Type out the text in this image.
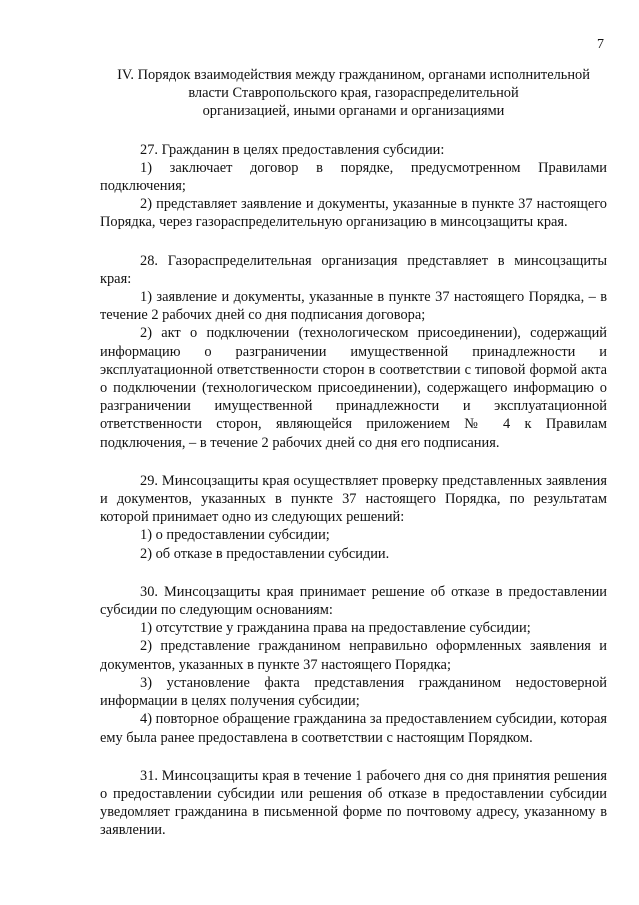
7
IV. Порядок взаимодействия между гражданином, органами исполнительной
власти Ставропольского края, газораспределительной
организацией, иными органами и организациями

27. Гражданин в целях предоставления субсидии:

1) заключает договор в порядке, предусмотренном Правилами подключения;

2) представляет заявление и документы, указанные в пункте 37 настоящего Порядка, через газораспределительную организацию в минсоцзащиты края.

28. Газораспределительная организация представляет в минсоцзащиты края:

1) заявление и документы, указанные в пункте 37 настоящего Порядка, – в течение 2 рабочих дней со дня подписания договора;

2) акт о подключении (технологическом присоединении), содержащий информацию о разграничении имущественной принадлежности и эксплуатационной ответственности сторон в соответствии с типовой формой акта о подключении (технологическом присоединении), содержащего информацию о разграничении имущественной принадлежности и эксплуатационной ответственности сторон, являющейся приложением № 4 к Правилам подключения, – в течение 2 рабочих дней со дня его подписания.

29. Минсоцзащиты края осуществляет проверку представленных заявления и документов, указанных в пункте 37 настоящего Порядка, по результатам которой принимает одно из следующих решений:

1) о предоставлении субсидии;

2) об отказе в предоставлении субсидии.

30. Минсоцзащиты края принимает решение об отказе в предоставлении субсидии по следующим основаниям:

1) отсутствие у гражданина права на предоставление субсидии;

2) представление гражданином неправильно оформленных заявления и документов, указанных в пункте 37 настоящего Порядка;

3) установление факта представления гражданином недостоверной информации в целях получения субсидии;

4) повторное обращение гражданина за предоставлением субсидии, которая ему была ранее предоставлена в соответствии с настоящим Порядком.

31. Минсоцзащиты края в течение 1 рабочего дня со дня принятия решения о предоставлении субсидии или решения об отказе в предоставлении субсидии уведомляет гражданина в письменной форме по почтовому адресу, указанному в заявлении.
